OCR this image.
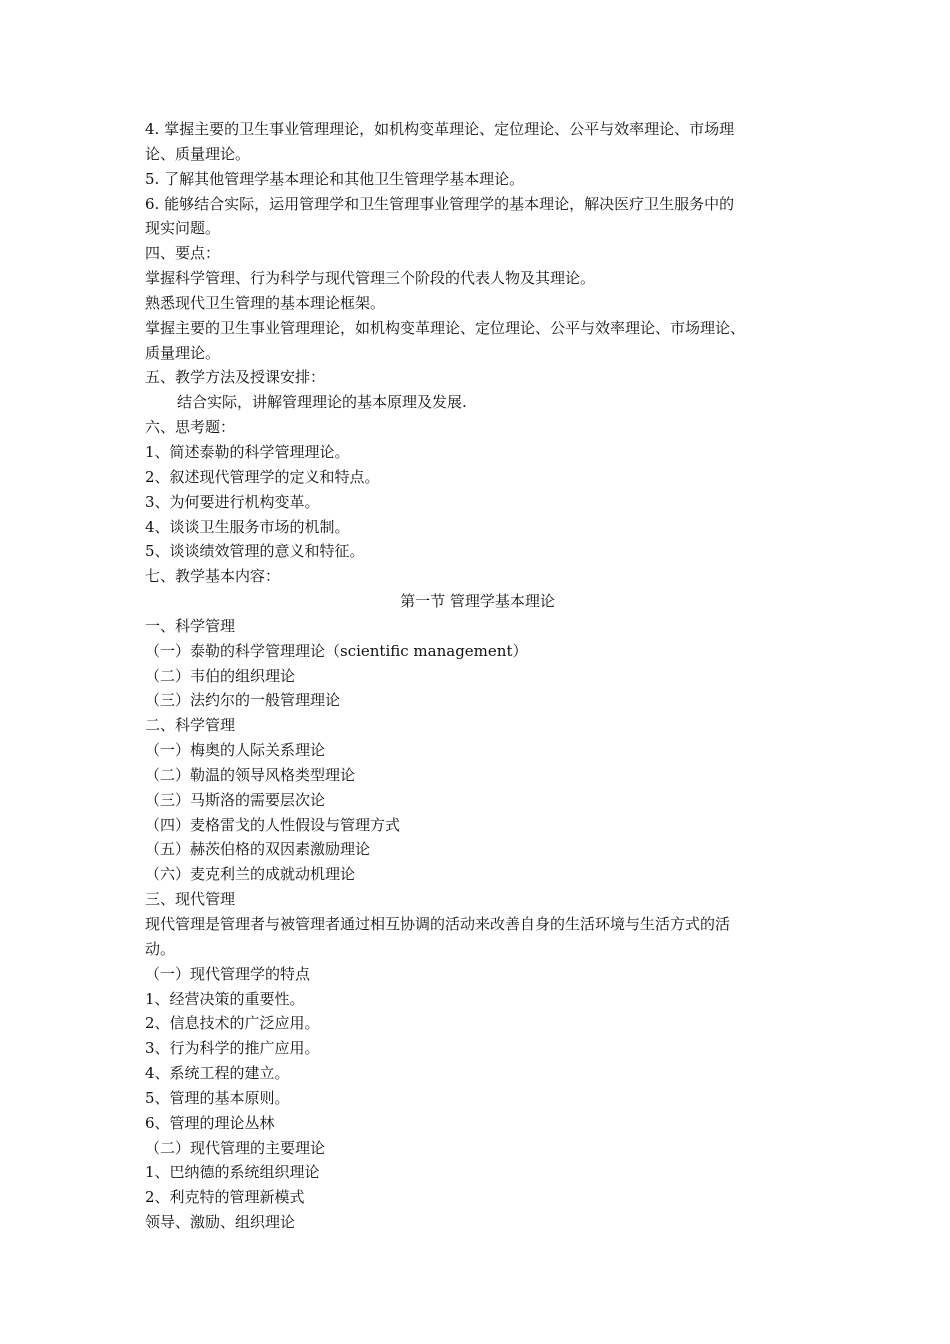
4. 掌握主要的卫生事业管理理论，如机构变革理论、定位理论、公平与效率理论、市场理
论、质量理论。
5. 了解其他管理学基本理论和其他卫生管理学基本理论。
6. 能够结合实际，运用管理学和卫生管理事业管理学的基本理论，解决医疗卫生服务中的
现实问题。
四、要点：
掌握科学管理、行为科学与现代管理三个阶段的代表人物及其理论。
熟悉现代卫生管理的基本理论框架。
掌握主要的卫生事业管理理论，如机构变革理论、定位理论、公平与效率理论、市场理论、
质量理论。
五、教学方法及授课安排：
结合实际，讲解管理理论的基本原理及发展.
六、思考题：
1、简述泰勒的科学管理理论。
2、叙述现代管理学的定义和特点。
3、为何要进行机构变革。
4、谈谈卫生服务市场的机制。
5、谈谈绩效管理的意义和特征。
七、教学基本内容：
第一节 管理学基本理论
一、科学管理
（一）泰勒的科学管理理论（scientific management）
（二）韦伯的组织理论
（三）法约尔的一般管理理论
二、科学管理
（一）梅奥的人际关系理论
（二）勒温的领导风格类型理论
（三）马斯洛的需要层次论
（四）麦格雷戈的人性假设与管理方式
（五）赫茨伯格的双因素激励理论
（六）麦克利兰的成就动机理论
三、现代管理
现代管理是管理者与被管理者通过相互协调的活动来改善自身的生活环境与生活方式的活
动。
（一）现代管理学的特点
1、经营决策的重要性。
2、信息技术的广泛应用。
3、行为科学的推广应用。
4、系统工程的建立。
5、管理的基本原则。
6、管理的理论丛林
（二）现代管理的主要理论
1、巴纳德的系统组织理论
2、利克特的管理新模式
领导、激励、组织理论
